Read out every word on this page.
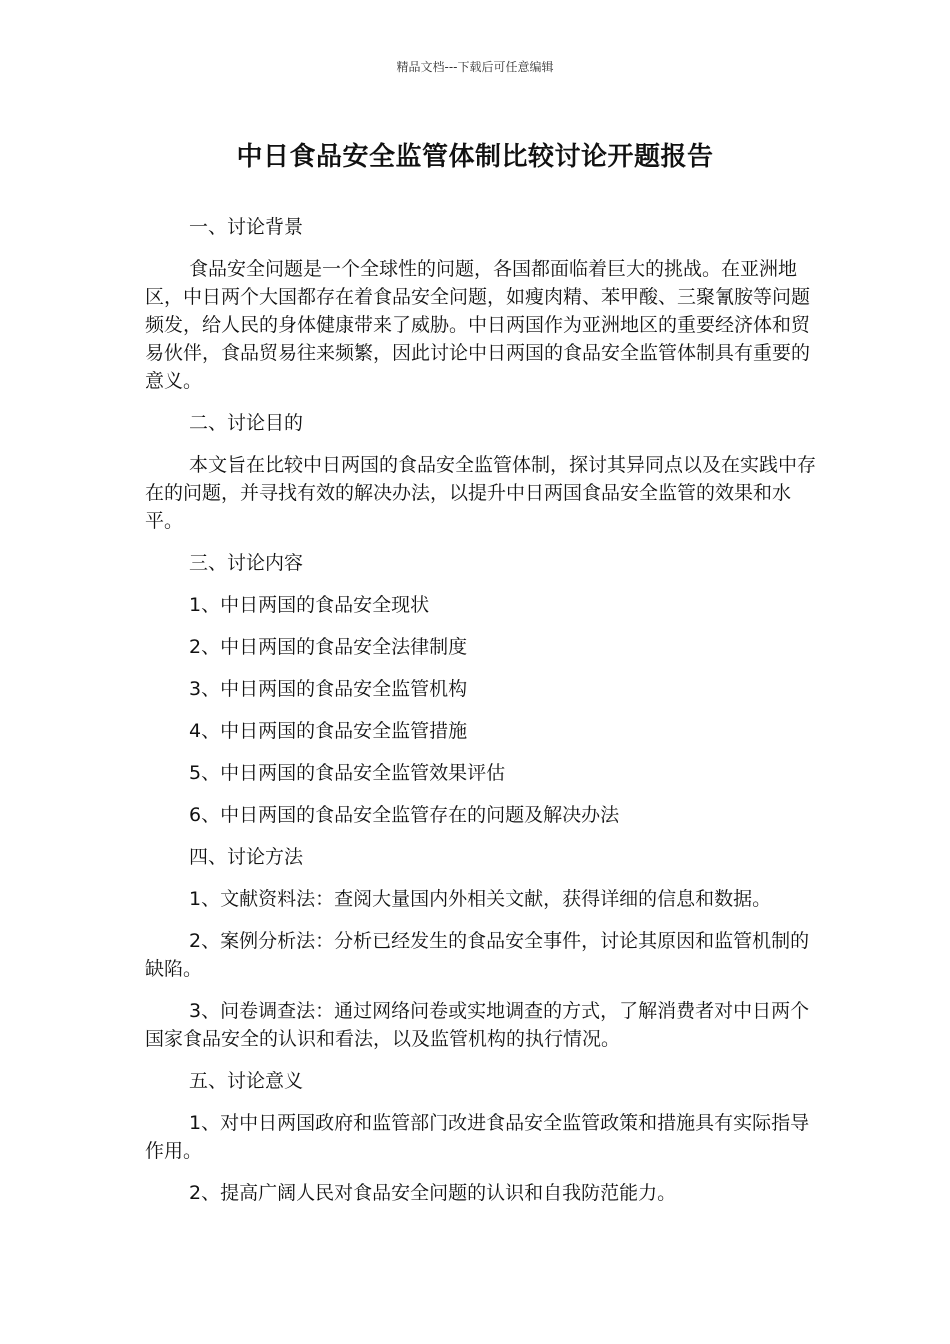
精品文档---下载后可任意编辑
中日食品安全监管体制比较讨论开题报告

一、讨论背景

食品安全问题是一个全球性的问题，各国都面临着巨大的挑战。在亚洲地区，中日两个大国都存在着食品安全问题，如瘦肉精、苯甲酸、三聚氰胺等问题频发，给人民的身体健康带来了威胁。中日两国作为亚洲地区的重要经济体和贸易伙伴，食品贸易往来频繁，因此讨论中日两国的食品安全监管体制具有重要的意义。

二、讨论目的

本文旨在比较中日两国的食品安全监管体制，探讨其异同点以及在实践中存在的问题，并寻找有效的解决办法，以提升中日两国食品安全监管的效果和水平。

三、讨论内容

1、中日两国的食品安全现状

2、中日两国的食品安全法律制度

3、中日两国的食品安全监管机构

4、中日两国的食品安全监管措施

5、中日两国的食品安全监管效果评估

6、中日两国的食品安全监管存在的问题及解决办法

四、讨论方法

1、文献资料法：查阅大量国内外相关文献，获得详细的信息和数据。

2、案例分析法：分析已经发生的食品安全事件，讨论其原因和监管机制的缺陷。

3、问卷调查法：通过网络问卷或实地调查的方式，了解消费者对中日两个国家食品安全的认识和看法，以及监管机构的执行情况。

五、讨论意义

1、对中日两国政府和监管部门改进食品安全监管政策和措施具有实际指导作用。

2、提高广阔人民对食品安全问题的认识和自我防范能力。
